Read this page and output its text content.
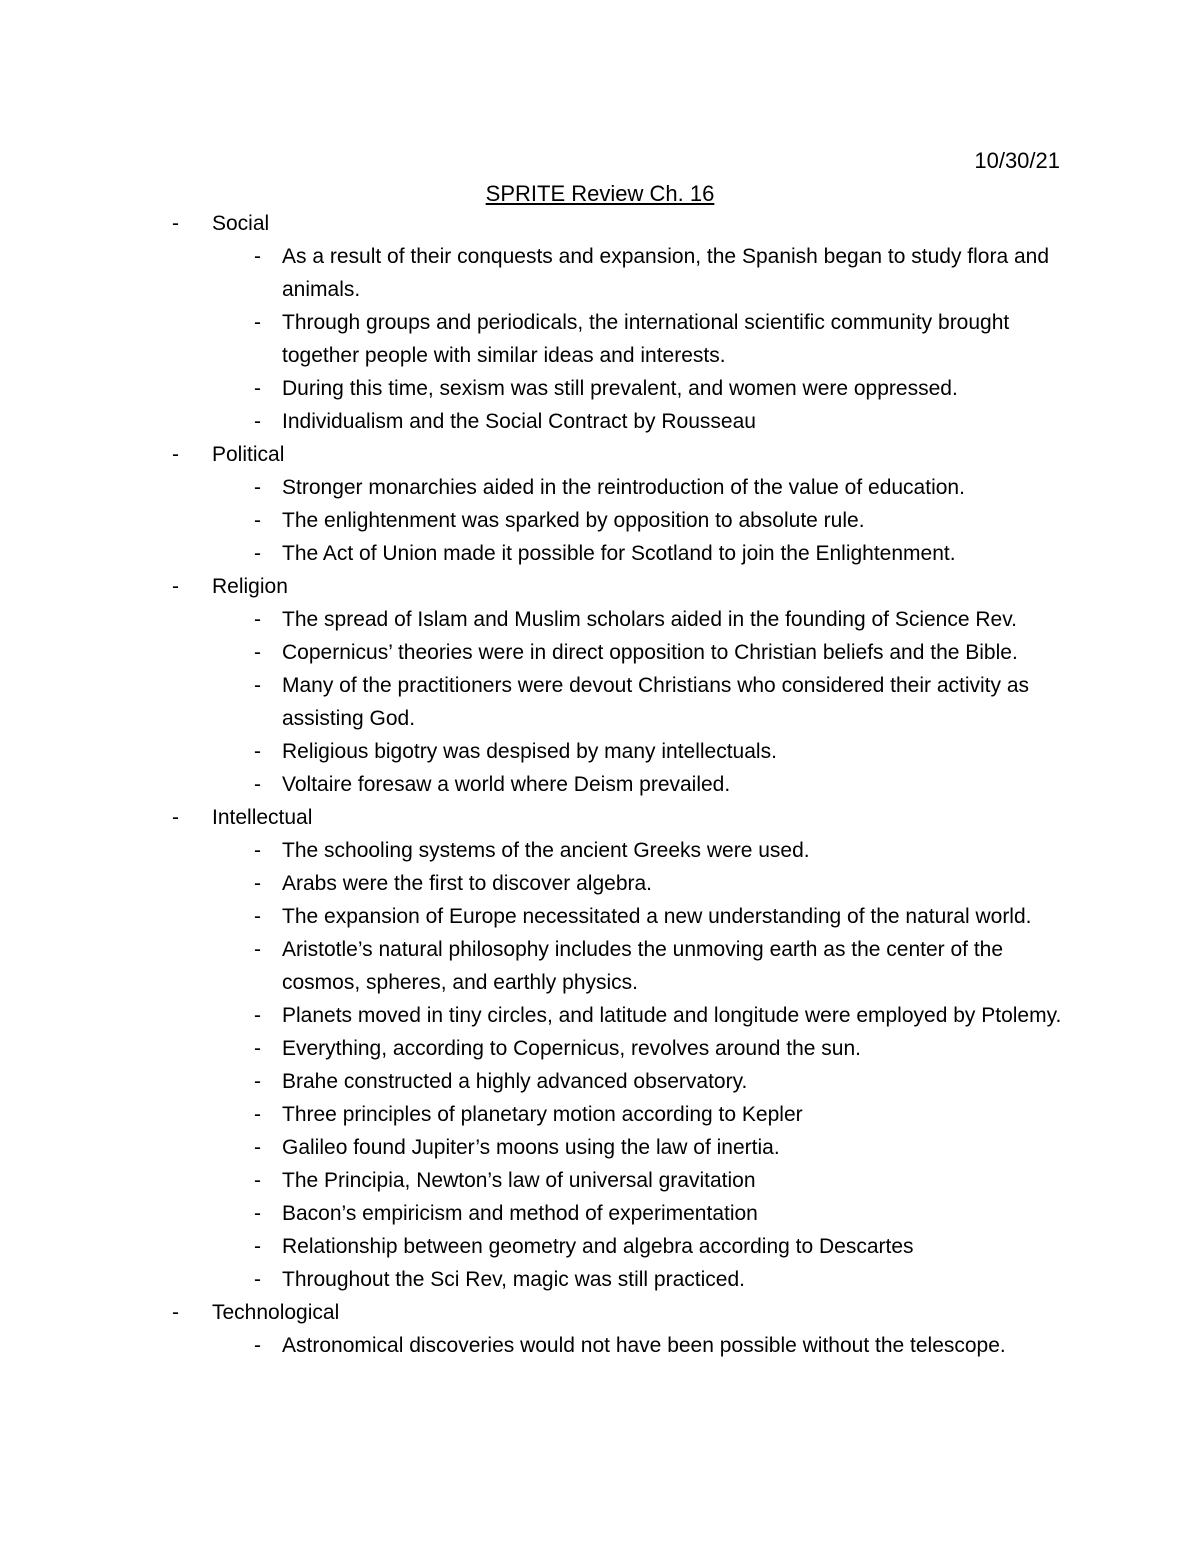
10/30/21
SPRITE Review Ch. 16
-	Social
-	As a result of their conquests and expansion, the Spanish began to study flora and animals.
-	Through groups and periodicals, the international scientific community brought together people with similar ideas and interests.
-	During this time, sexism was still prevalent, and women were oppressed.
-	Individualism and the Social Contract by Rousseau
-	Political
-	Stronger monarchies aided in the reintroduction of the value of education.
-	The enlightenment was sparked by opposition to absolute rule.
-	The Act of Union made it possible for Scotland to join the Enlightenment.
-	Religion
-	The spread of Islam and Muslim scholars aided in the founding of Science Rev.
-	Copernicus’ theories were in direct opposition to Christian beliefs and the Bible.
-	Many of the practitioners were devout Christians who considered their activity as assisting God.
-	Religious bigotry was despised by many intellectuals.
-	Voltaire foresaw a world where Deism prevailed.
-	Intellectual
-	The schooling systems of the ancient Greeks were used.
-	Arabs were the first to discover algebra.
-	The expansion of Europe necessitated a new understanding of the natural world.
-	Aristotle’s natural philosophy includes the unmoving earth as the center of the cosmos, spheres, and earthly physics.
-	Planets moved in tiny circles, and latitude and longitude were employed by Ptolemy.
-	Everything, according to Copernicus, revolves around the sun.
-	Brahe constructed a highly advanced observatory.
-	Three principles of planetary motion according to Kepler
-	Galileo found Jupiter’s moons using the law of inertia.
-	The Principia, Newton’s law of universal gravitation
-	Bacon’s empiricism and method of experimentation
-	Relationship between geometry and algebra according to Descartes
-	Throughout the Sci Rev, magic was still practiced.
-	Technological
-	Astronomical discoveries would not have been possible without the telescope.
